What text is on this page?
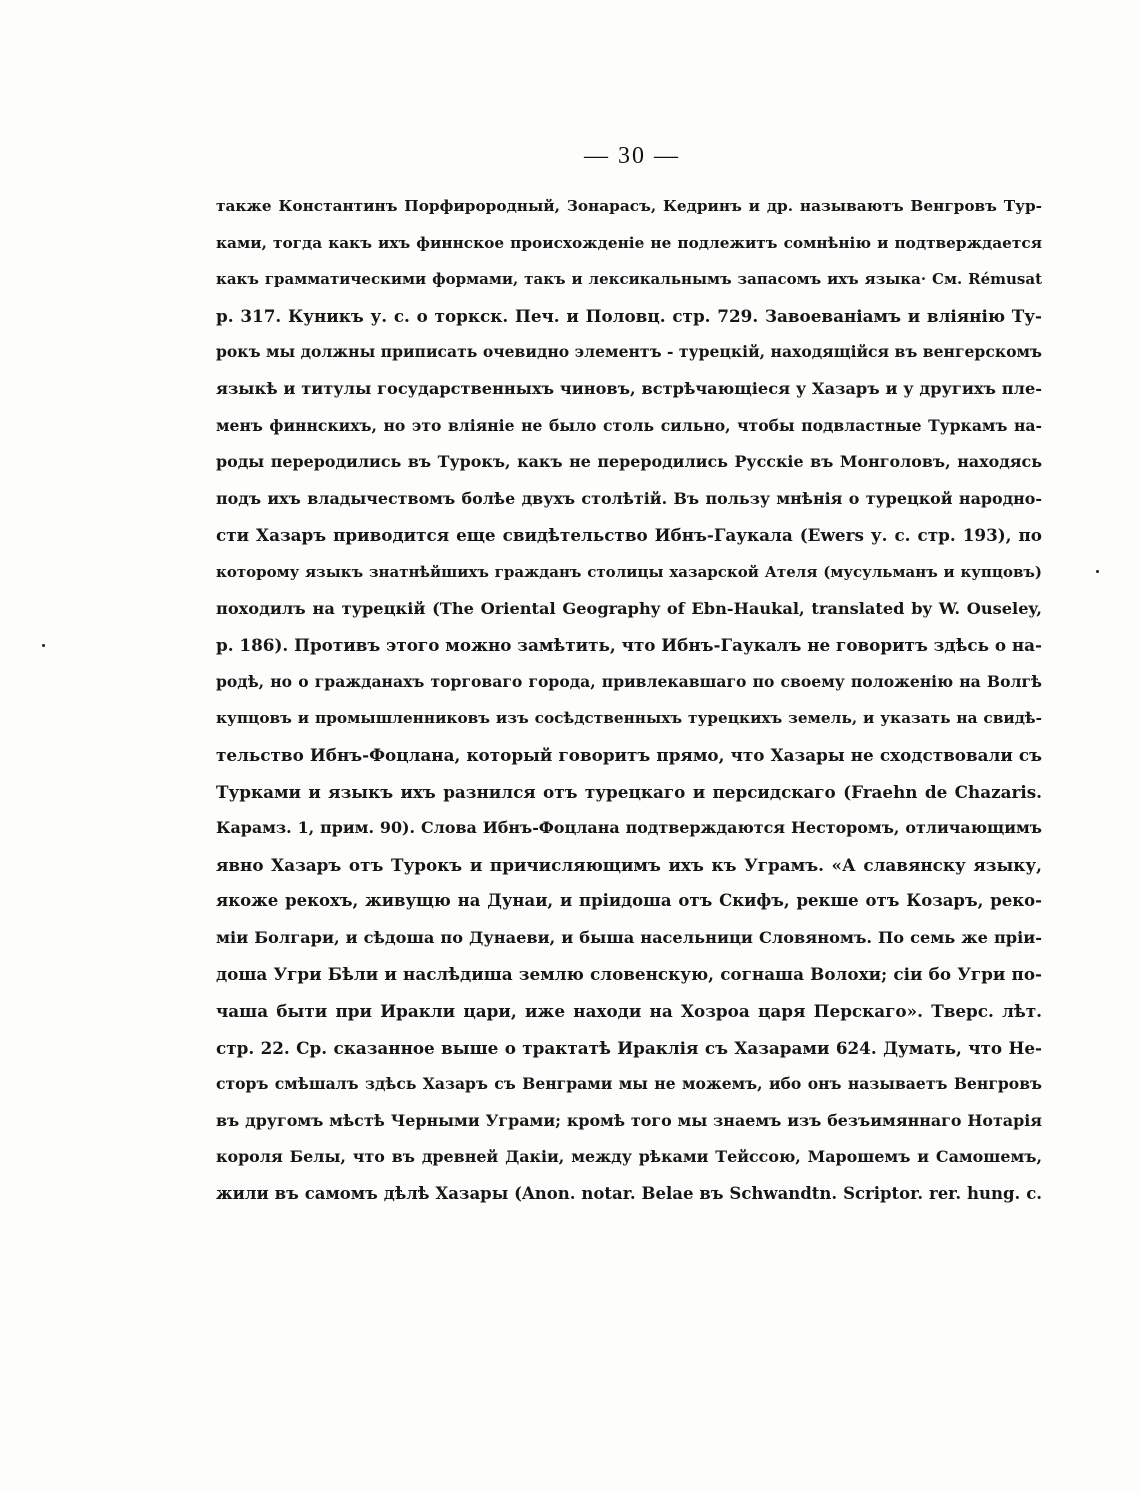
— 30 —
также Константинъ Порфирородный, Зонарасъ, Кедринъ и др. называютъ Венгровъ Тур-
ками, тогда какъ ихъ финнское происхожденіе не подлежитъ сомнѣнію и подтверждается
какъ грамматическими формами, такъ и лексикальнымъ запасомъ ихъ языка· См. Rémusat
р. 317. Куникъ у. с. о торкск. Печ. и Половц. стр. 729. Завоеваніамъ и вліянію Ту-
рокъ мы должны приписать очевидно элементъ - турецкій, находящійся въ венгерскомъ
языкѣ и титулы государственныхъ чиновъ, встрѣчающіеся у Хазаръ и у другихъ пле-
менъ финнскихъ, но это вліяніе не было столь сильно, чтобы подвластные Туркамъ на-
роды переродились въ Турокъ, какъ не переродились Русскіе въ Монголовъ, находясь
подъ ихъ владычествомъ болѣе двухъ столѣтій. Въ пользу мнѣнія о турецкой народно-
сти Хазаръ приводится еще свидѣтельство Ибнъ-Гаукала (Ewers у. с. стр. 193), по
которому языкъ знатнѣйшихъ гражданъ столицы хазарской Ателя (мусульманъ и купцовъ)
походилъ на турецкій (The Oriental Geography of Ebn-Haukal, translated by W. Ouseley,
р. 186). Противъ этого можно замѣтить, что Ибнъ-Гаукалъ не говоритъ здѣсь о на-
родѣ, но о гражданахъ торговаго города, привлекавшаго по своему положенію на Волгѣ
купцовъ и промышленниковъ изъ сосѣдственныхъ турецкихъ земель, и указать на свидѣ-
тельство Ибнъ-Фоцлана, который говоритъ прямо, что Хазары не сходствовали съ
Турками и языкъ ихъ разнился отъ турецкаго и персидскаго (Fraehn de Chazaris.
Карамз. 1, прим. 90). Слова Ибнъ-Фоцлана подтверждаются Несторомъ, отличающимъ
явно Хазаръ отъ Турокъ и причисляющимъ ихъ къ Уграмъ. «А славянску языку,
якоже рекохъ, живущю на Дунаи, и пріидоша отъ Скифъ, рекше отъ Козаръ, реко-
міи Болгари, и сѣдоша по Дунаеви, и быша насельници Словяномъ. По семь же пріи-
доша Угри Бѣли и наслѣдиша землю словенскую, согнаша Волохи; сіи бо Угри по-
чаша быти при Иракли цари, иже находи на Хозроа царя Перскаго». Тверс. лѣт.
стр. 22. Ср. сказанное выше о трактатѣ Ираклія съ Хазарами 624. Думать, что Не-
сторъ смѣшалъ здѣсь Хазаръ съ Венграми мы не можемъ, ибо онъ называетъ Венгровъ
въ другомъ мѣстѣ Черными Уграми; кромѣ того мы знаемъ изъ безъимяннаго Нотарія
короля Белы, что въ древней Дакіи, между рѣками Тейссою, Марошемъ и Самошемъ,
жили въ самомъ дѣлѣ Хазары (Anon. notar. Belae въ Schwandtn. Scriptor. rer. hung. с.
